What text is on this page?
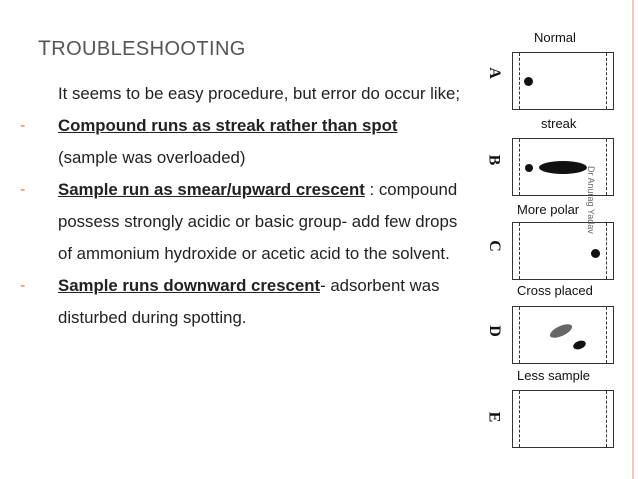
TROUBLESHOOTING
It seems to be easy procedure, but error do occur like;
-	Compound runs as streak rather than spot
(sample was overloaded)
-	Sample run as smear/upward crescent : compound possess strongly acidic or basic group- add few drops of ammonium hydroxide or acetic acid to the solvent.
-	Sample runs downward crescent- adsorbent was disturbed during spotting.
Normal
streak
More polar
Cross placed
Less sample
A
B
C
D
E
Dr Anurag Yadav
